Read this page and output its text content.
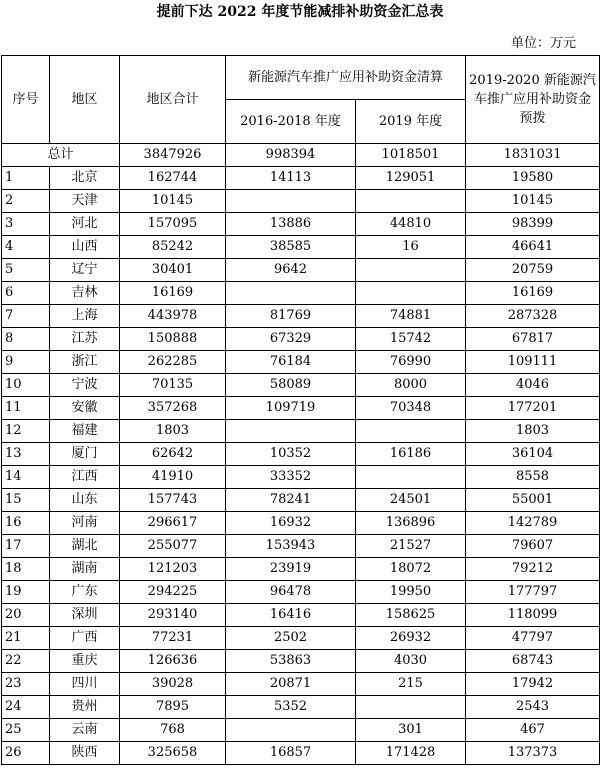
提前下达 2022 年度节能减排补助资金汇总表
单位：万元
序号	地区	地区合计	新能源汽车推广应用补助资金清算		2019-2020 新能源汽车推广应用补助资金预拨
			2016-2018 年度	2019 年度	
总计		3847926	998394	1018501	1831031
1	北京	162744	14113	129051	19580
2	天津	10145			10145
3	河北	157095	13886	44810	98399
4	山西	85242	38585	16	46641
5	辽宁	30401	9642		20759
6	吉林	16169			16169
7	上海	443978	81769	74881	287328
8	江苏	150888	67329	15742	67817
9	浙江	262285	76184	76990	109111
10	宁波	70135	58089	8000	4046
11	安徽	357268	109719	70348	177201
12	福建	1803			1803
13	厦门	62642	10352	16186	36104
14	江西	41910	33352		8558
15	山东	157743	78241	24501	55001
16	河南	296617	16932	136896	142789
17	湖北	255077	153943	21527	79607
18	湖南	121203	23919	18072	79212
19	广东	294225	96478	19950	177797
20	深圳	293140	16416	158625	118099
21	广西	77231	2502	26932	47797
22	重庆	126636	53863	4030	68743
23	四川	39028	20871	215	17942
24	贵州	7895	5352		2543
25	云南	768		301	467
26	陕西	325658	16857	171428	137373
